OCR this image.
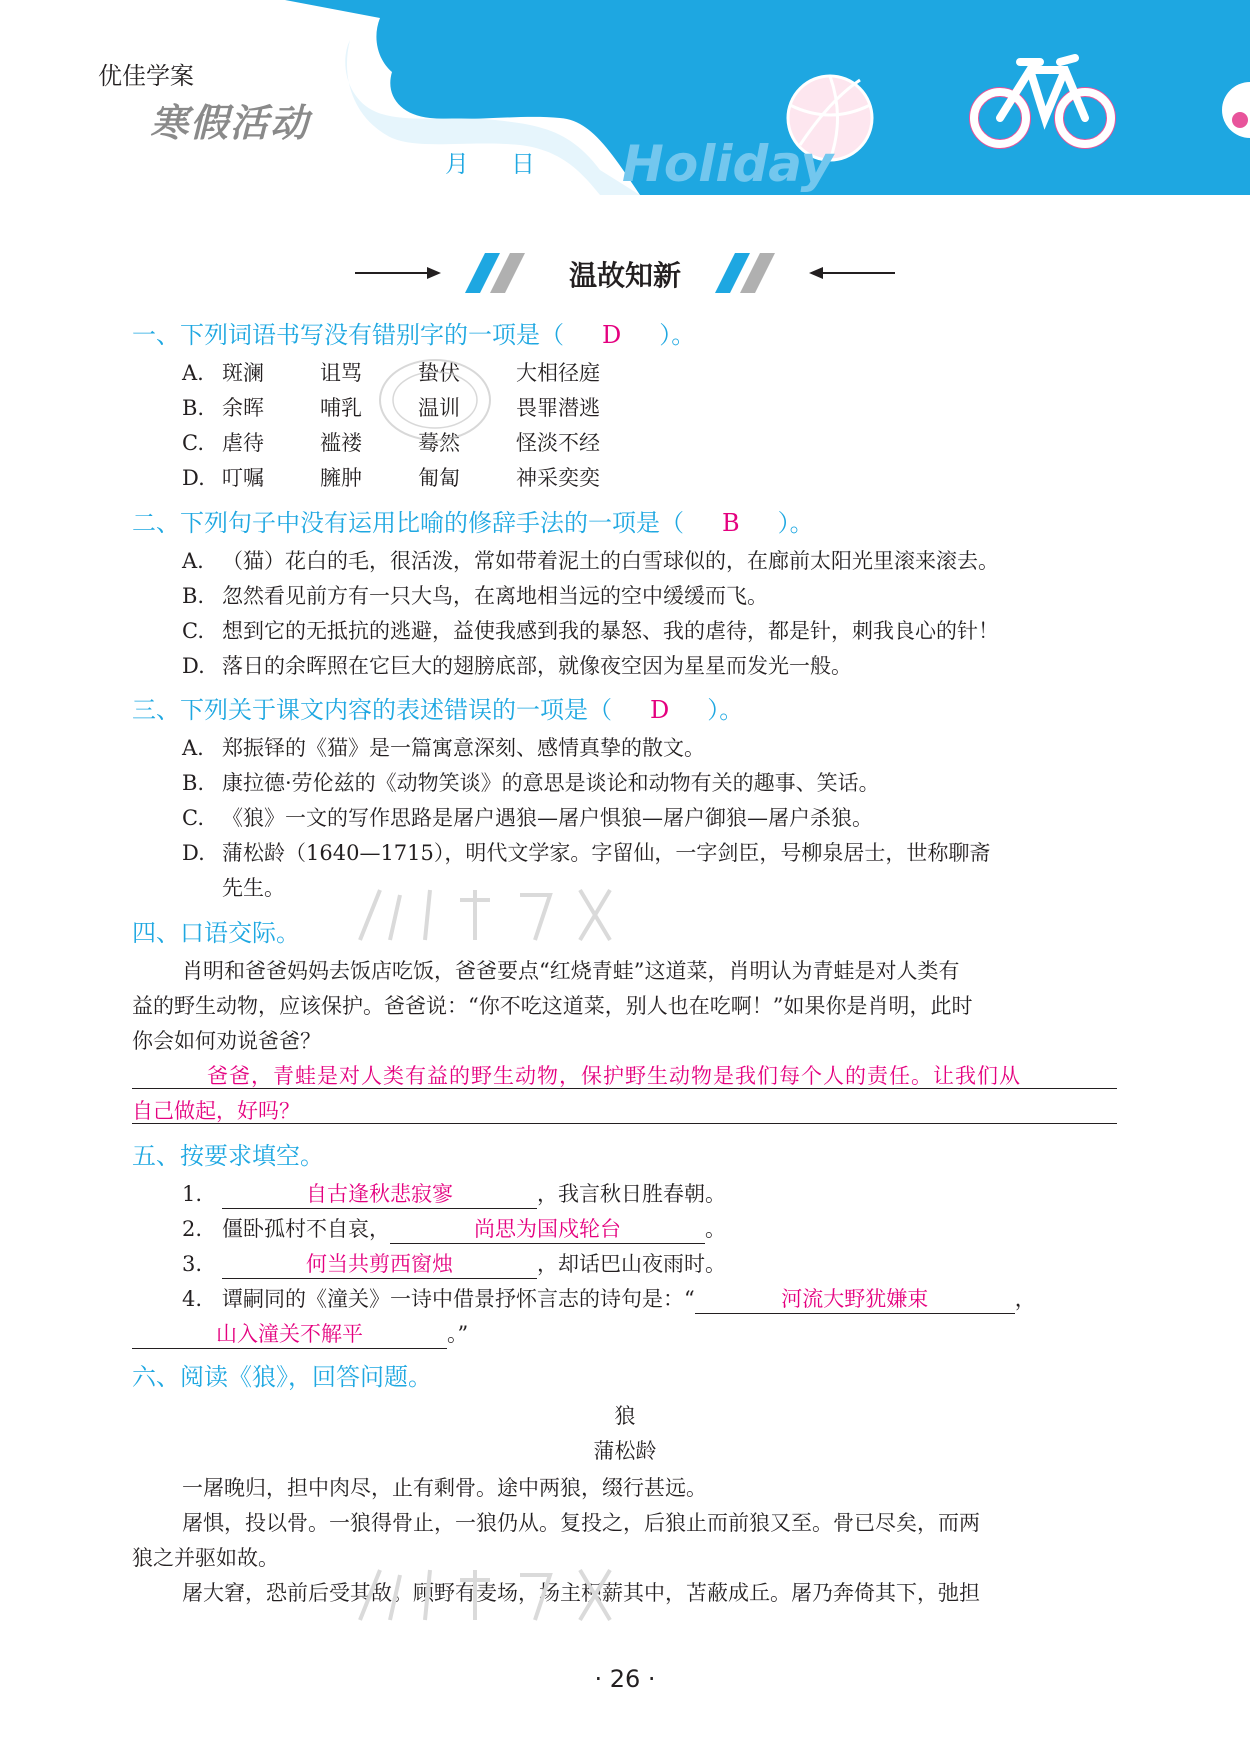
优佳学案
寒假活动
月 日 Holiday
温故知新
一、下列词语书写没有错别字的一项是（ D ）。
A. 斑澜	诅骂	蛰伏	大相径庭
B. 余晖	哺乳	温训	畏罪潜逃
C. 虐待	褴褛	蓦然	怪淡不经
D. 叮嘱	臃肿	匍匐	神采奕奕
二、下列句子中没有运用比喻的修辞手法的一项是（ B ）。
A. （猫）花白的毛，很活泼，常如带着泥土的白雪球似的，在廊前太阳光里滚来滚去。
B. 忽然看见前方有一只大鸟，在离地相当远的空中缓缓而飞。
C. 想到它的无抵抗的逃避，益使我感到我的暴怒、我的虐待，都是针，刺我良心的针！
D. 落日的余晖照在它巨大的翅膀底部，就像夜空因为星星而发光一般。
三、下列关于课文内容的表述错误的一项是（ D ）。
A. 郑振铎的《猫》是一篇寓意深刻、感情真挚的散文。
B. 康拉德·劳伦兹的《动物笑谈》的意思是谈论和动物有关的趣事、笑话。
C. 《狼》一文的写作思路是屠户遇狼—屠户惧狼—屠户御狼—屠户杀狼。
D. 蒲松龄（1640—1715），明代文学家。字留仙，一字剑臣，号柳泉居士，世称聊斋
先生。
四、口语交际。
肖明和爸爸妈妈去饭店吃饭，爸爸要点“红烧青蛙”这道菜，肖明认为青蛙是对人类有
益的野生动物，应该保护。爸爸说：“你不吃这道菜，别人也在吃啊！”如果你是肖明，此时
你会如何劝说爸爸？
爸爸，青蛙是对人类有益的野生动物，保护野生动物是我们每个人的责任。让我们从
自己做起，好吗？
五、按要求填空。
1.	自古逢秋悲寂寥	，我言秋日胜春朝。
2. 僵卧孤村不自哀，	尚思为国戍轮台	。
3.	何当共剪西窗烛	，却话巴山夜雨时。
4. 谭嗣同的《潼关》一诗中借景抒怀言志的诗句是：“	河流大野犹嫌束	，
山入潼关不解平	。”
六、阅读《狼》，回答问题。
狼
蒲松龄
一屠晚归，担中肉尽，止有剩骨。途中两狼，缀行甚远。
屠惧，投以骨。一狼得骨止，一狼仍从。复投之，后狼止而前狼又至。骨已尽矣，而两
狼之并驱如故。
屠大窘，恐前后受其敌。顾野有麦场，场主积薪其中，苫蔽成丘。屠乃奔倚其下，弛担
· 26 ·
